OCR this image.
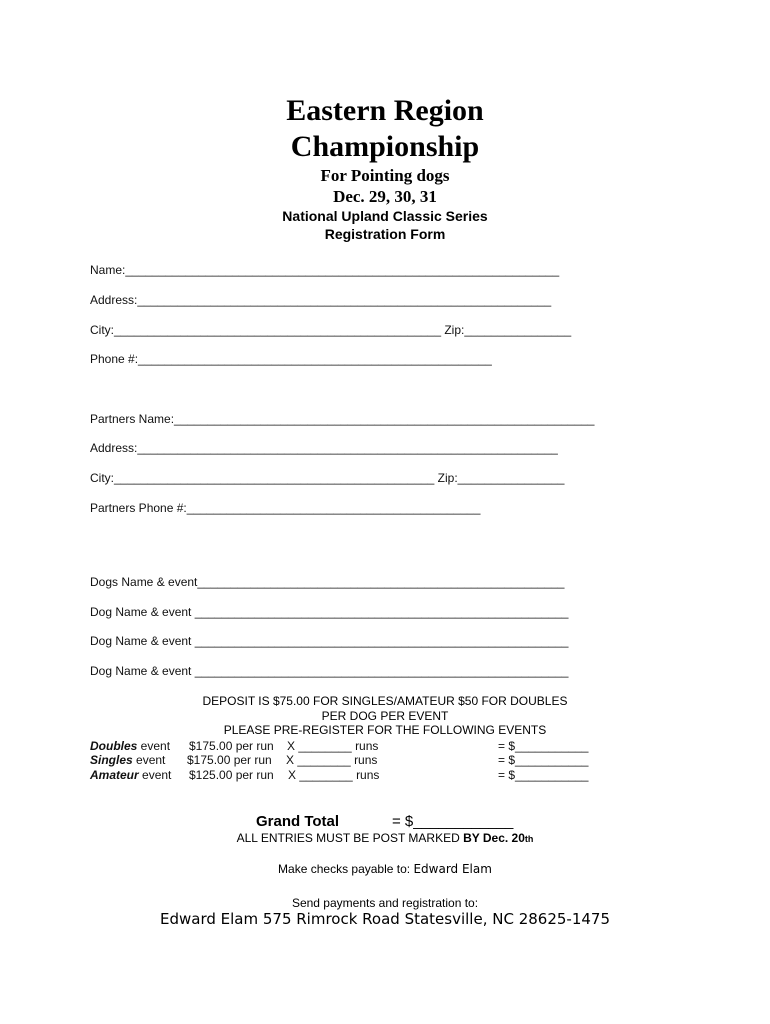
Eastern Region
Championship
For Pointing dogs
Dec. 29, 30, 31
National Upland Classic Series
Registration Form
Name:_________________________________________________________________
Address:______________________________________________________________
City:_________________________________________________ Zip:________________
Phone #:_____________________________________________________
Partners Name:_______________________________________________________________
Address:_______________________________________________________________
City:________________________________________________ Zip:________________
Partners Phone #:____________________________________________
Dogs Name & event_______________________________________________________
Dog Name & event ________________________________________________________
Dog Name & event ________________________________________________________
Dog Name & event ________________________________________________________
DEPOSIT IS $75.00 FOR SINGLES/AMATEUR $50 FOR DOUBLES
PER DOG PER EVENT
PLEASE PRE-REGISTER FOR THE FOLLOWING EVENTS
Doubles event $175.00 per run X ________ runs	= $___________
Singles event $175.00 per run X ________ runs	= $___________
Amateur event $125.00 per run X ________ runs	= $___________
Grand Total	= $____________
ALL ENTRIES MUST BE POST MARKED BY Dec. 20th
Make checks payable to: Edward Elam
Send payments and registration to:
Edward Elam 575 Rimrock Road Statesville, NC 28625-1475
